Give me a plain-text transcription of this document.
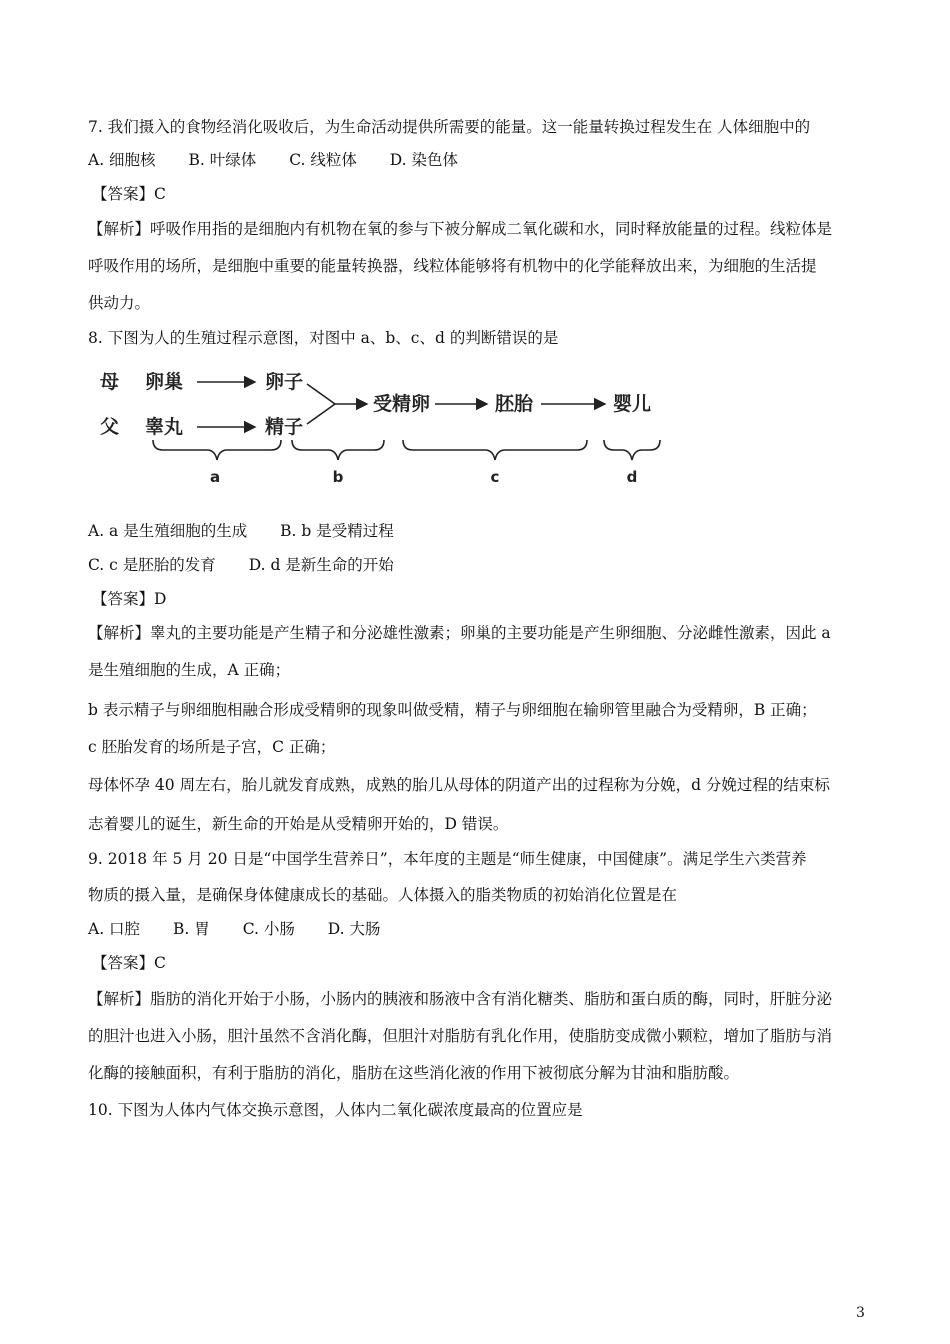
7. 我们摄入的食物经消化吸收后，为生命活动提供所需要的能量。这一能量转换过程发生在 人体细胞中的
A. 细胞核 B. 叶绿体 C. 线粒体 D. 染色体
【答案】C
【解析】呼吸作用指的是细胞内有机物在氧的参与下被分解成二氧化碳和水，同时释放能量的过程。线粒体是
呼吸作用的场所，是细胞中重要的能量转换器，线粒体能够将有机物中的化学能释放出来，为细胞的生活提
供动力。
8. 下图为人的生殖过程示意图，对图中 a、b、c、d 的判断错误的是
母
父
卵巢
睾丸
卵子
精子
受精卵	胚胎	婴儿
a	b	c	d
A. a 是生殖细胞的生成 B. b 是受精过程
C. c 是胚胎的发育 D. d 是新生命的开始
【答案】D
【解析】睾丸的主要功能是产生精子和分泌雄性激素；卵巢的主要功能是产生卵细胞、分泌雌性激素，因此 a
是生殖细胞的生成，A 正确；
b 表示精子与卵细胞相融合形成受精卵的现象叫做受精，精子与卵细胞在输卵管里融合为受精卵，B 正确；
c 胚胎发育的场所是子宫，C 正确；
母体怀孕 40 周左右，胎儿就发育成熟，成熟的胎儿从母体的阴道产出的过程称为分娩，d 分娩过程的结束标
志着婴儿的诞生，新生命的开始是从受精卵开始的，D 错误。
9. 2018 年 5 月 20 日是“中国学生营养日”，本年度的主题是“师生健康，中国健康”。满足学生六类营养
物质的摄入量，是确保身体健康成长的基础。人体摄入的脂类物质的初始消化位置是在
A. 口腔 B. 胃 C. 小肠 D. 大肠
【答案】C
【解析】脂肪的消化开始于小肠，小肠内的胰液和肠液中含有消化糖类、脂肪和蛋白质的酶，同时，肝脏分泌
的胆汁也进入小肠，胆汁虽然不含消化酶，但胆汁对脂肪有乳化作用，使脂肪变成微小颗粒，增加了脂肪与消
化酶的接触面积，有利于脂肪的消化，脂肪在这些消化液的作用下被彻底分解为甘油和脂肪酸。
10. 下图为人体内气体交换示意图，人体内二氧化碳浓度最高的位置应是
3
